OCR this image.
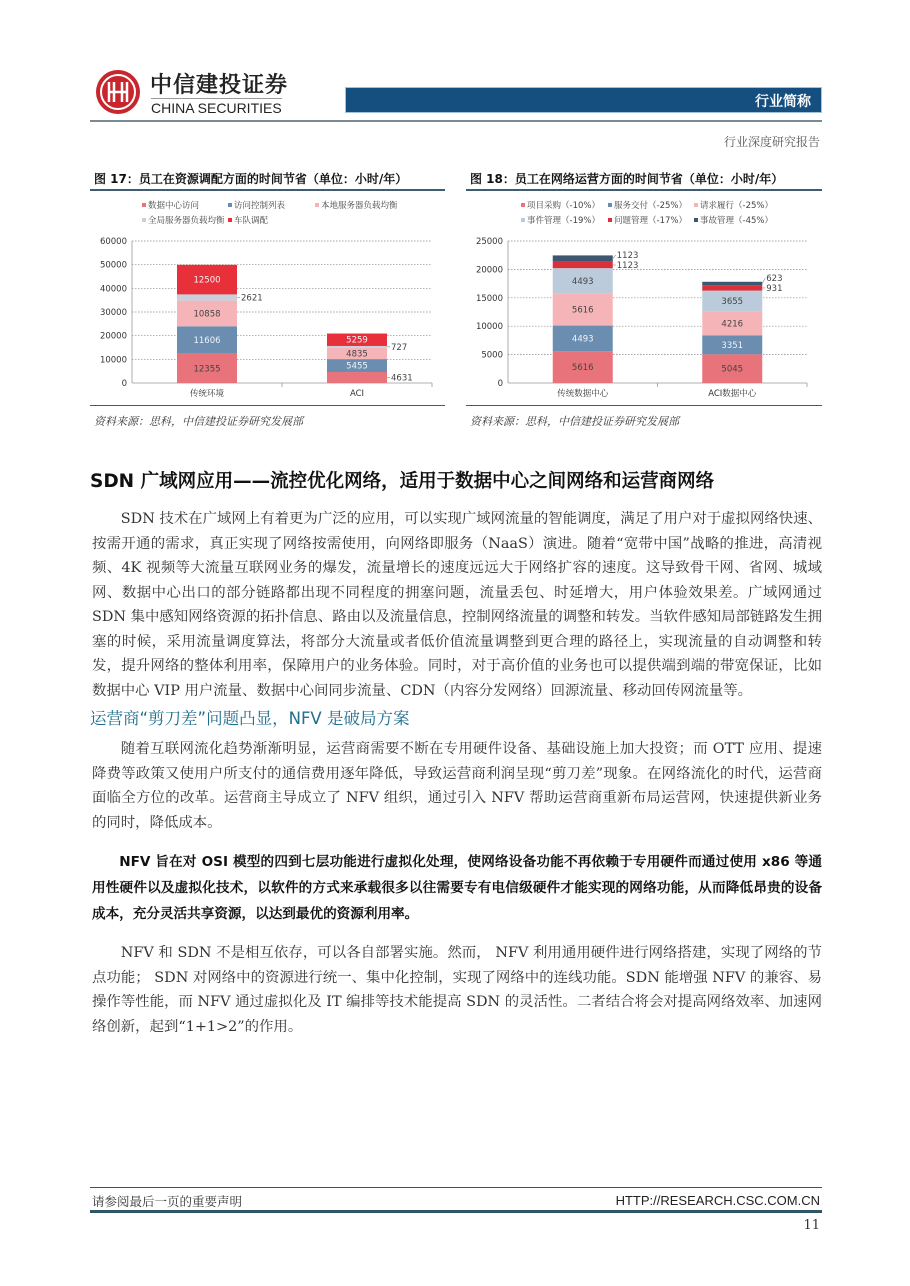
中信建投证券
CHINA SECURITIES	行业简称
行业深度研究报告
图 17：员工在资源调配方面的时间节省（单位：小时/年）
数据中心访问	访问控制列表	本地服务器负载均衡
全局服务器负载均衡 车队调配
0
10000
20000
30000
40000
50000
60000
传统环境
12355
11606
10858
2621
12500
ACI
4631
5455
4835
727
5259
资料来源：思科，中信建投证券研究发展部
图 18：员工在网络运营方面的时间节省（单位：小时/年）
项目采购（-10%） 服务交付（-25%） 请求履行（-25%）
事件管理（-19%） 问题管理（-17%） 事故管理（-45%）
0
5000
10000
15000
20000
25000
传统数据中心
5616
4493
5616
4493
1123
1123
ACI数据中心
5045
3351
4216
3655
931
623
资料来源：思科，中信建投证券研究发展部
SDN 广域网应用——流控优化网络，适用于数据中心之间网络和运营商网络
SDN 技术在广域网上有着更为广泛的应用，可以实现广域网流量的智能调度，满足了用户对于虚拟网络快速、按需开通的需求，真正实现了网络按需使用，向网络即服务（NaaS）演进。随着“宽带中国”战略的推进，高清视频、4K 视频等大流量互联网业务的爆发，流量增长的速度远远大于网络扩容的速度。这导致骨干网、省网、城域网、数据中心出口的部分链路都出现不同程度的拥塞问题，流量丢包、时延增大，用户体验效果差。广域网通过 SDN 集中感知网络资源的拓扑信息、路由以及流量信息，控制网络流量的调整和转发。当软件感知局部链路发生拥塞的时候，采用流量调度算法，将部分大流量或者低价值流量调整到更合理的路径上，实现流量的自动调整和转发，提升网络的整体利用率，保障用户的业务体验。同时，对于高价值的业务也可以提供端到端的带宽保证，比如数据中心 VIP 用户流量、数据中心间同步流量、CDN（内容分发网络）回源流量、移动回传网流量等。
运营商“剪刀差”问题凸显，NFV 是破局方案
随着互联网流化趋势渐渐明显，运营商需要不断在专用硬件设备、基础设施上加大投资；而 OTT 应用、提速降费等政策又使用户所支付的通信费用逐年降低，导致运营商利润呈现“剪刀差”现象。在网络流化的时代，运营商面临全方位的改革。运营商主导成立了 NFV 组织，通过引入 NFV 帮助运营商重新布局运营网，快速提供新业务的同时，降低成本。
NFV 旨在对 OSI 模型的四到七层功能进行虚拟化处理，使网络设备功能不再依赖于专用硬件而通过使用 x86 等通用性硬件以及虚拟化技术，以软件的方式来承载很多以往需要专有电信级硬件才能实现的网络功能，从而降低昂贵的设备成本，充分灵活共享资源，以达到最优的资源利用率。
NFV 和 SDN 不是相互依存，可以各自部署实施。然而， NFV 利用通用硬件进行网络搭建，实现了网络的节点功能； SDN 对网络中的资源进行统一、集中化控制，实现了网络中的连线功能。SDN 能增强 NFV 的兼容、易操作等性能，而 NFV 通过虚拟化及 IT 编排等技术能提高 SDN 的灵活性。二者结合将会对提高网络效率、加速网络创新，起到“1+1>2”的作用。
请参阅最后一页的重要声明	HTTP://RESEARCH.CSC.COM.CN
11
